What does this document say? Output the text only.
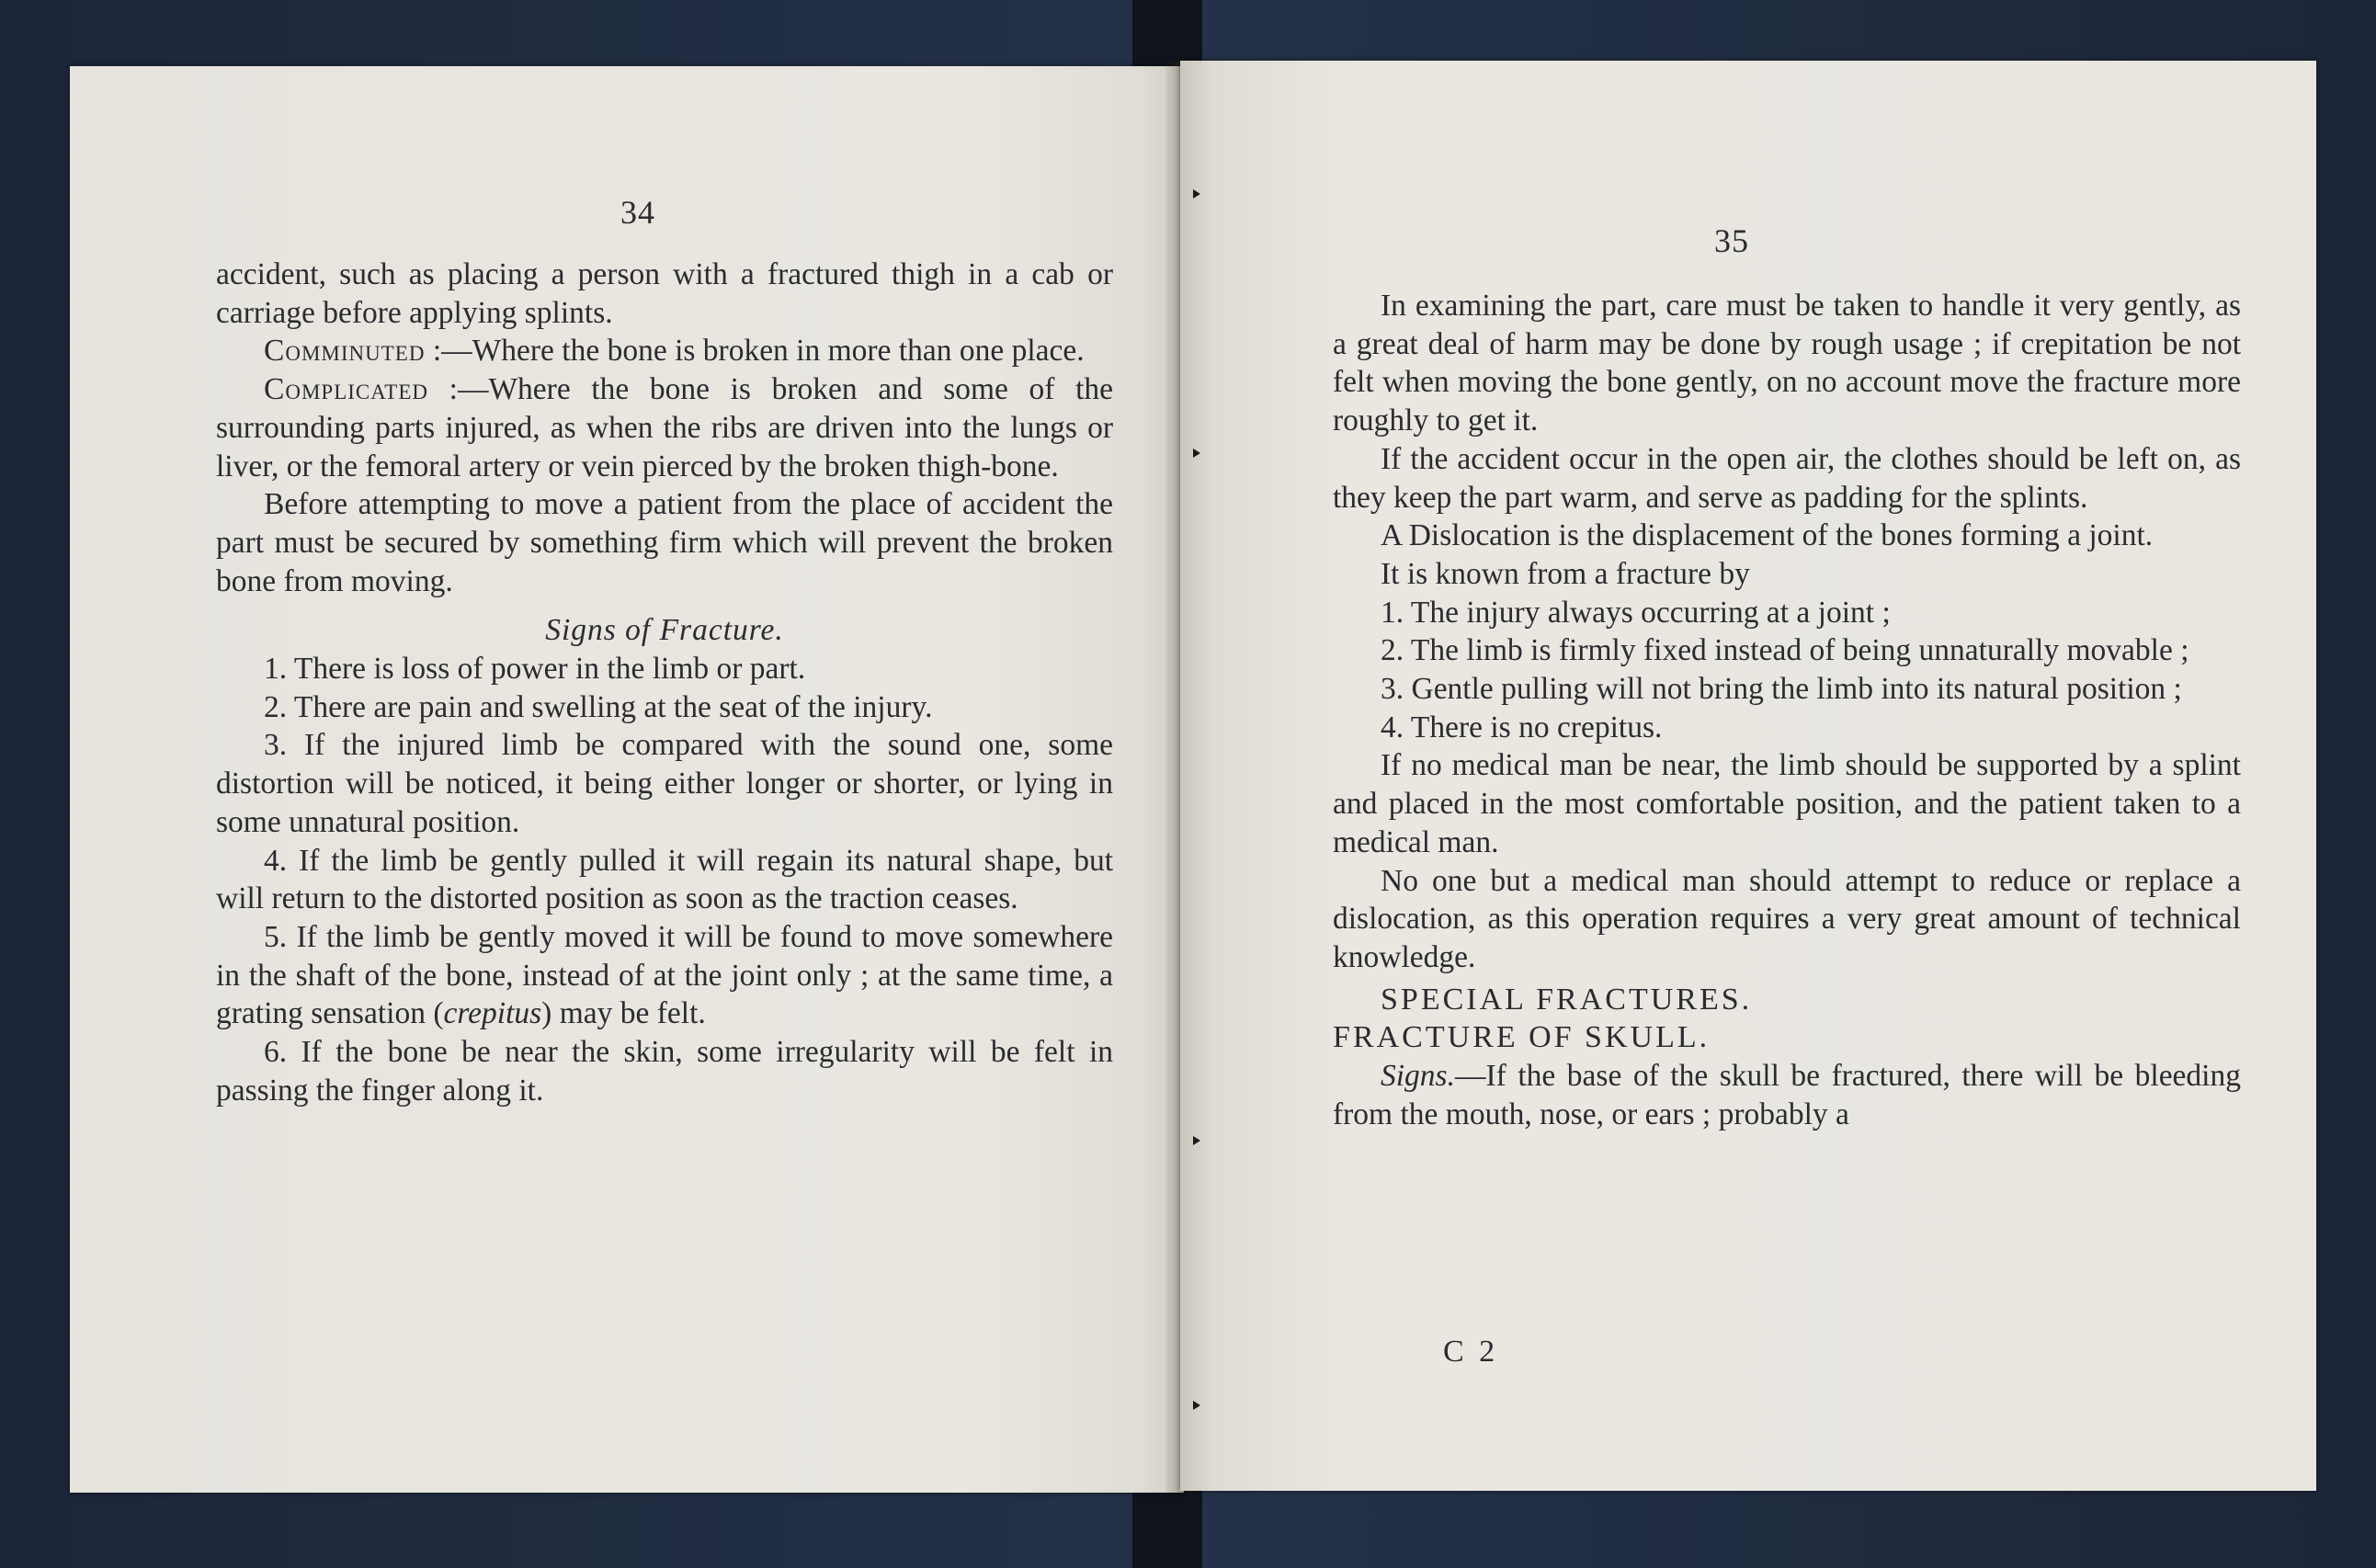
34

accident, such as placing a person with a fractured thigh in a cab or carriage before applying splints.

Comminuted :—Where the bone is broken in more than one place.

Complicated :—Where the bone is broken and some of the surrounding parts injured, as when the ribs are driven into the lungs or liver, or the femoral artery or vein pierced by the broken thigh-bone.

Before attempting to move a patient from the place of accident the part must be secured by something firm which will prevent the broken bone from moving.

Signs of Fracture.

1. There is loss of power in the limb or part.

2. There are pain and swelling at the seat of the injury.

3. If the injured limb be compared with the sound one, some distortion will be noticed, it being either longer or shorter, or lying in some unnatural position.

4. If the limb be gently pulled it will regain its natural shape, but will return to the distorted position as soon as the traction ceases.

5. If the limb be gently moved it will be found to move somewhere in the shaft of the bone, instead of at the joint only ; at the same time, a grating sensation (crepitus) may be felt.

6. If the bone be near the skin, some irregularity will be felt in passing the finger along it.

35

In examining the part, care must be taken to handle it very gently, as a great deal of harm may be done by rough usage ; if crepitation be not felt when moving the bone gently, on no account move the fracture more roughly to get it.

If the accident occur in the open air, the clothes should be left on, as they keep the part warm, and serve as padding for the splints.

A Dislocation is the displacement of the bones forming a joint.

It is known from a fracture by

1. The injury always occurring at a joint ;

2. The limb is firmly fixed instead of being unnaturally movable ;

3. Gentle pulling will not bring the limb into its natural position ;

4. There is no crepitus.

If no medical man be near, the limb should be supported by a splint and placed in the most comfortable position, and the patient taken to a medical man.

No one but a medical man should attempt to reduce or replace a dislocation, as this operation requires a very great amount of technical knowledge.

SPECIAL FRACTURES.

FRACTURE OF SKULL.

Signs.—If the base of the skull be fractured, there will be bleeding from the mouth, nose, or ears ; probably a

C 2
